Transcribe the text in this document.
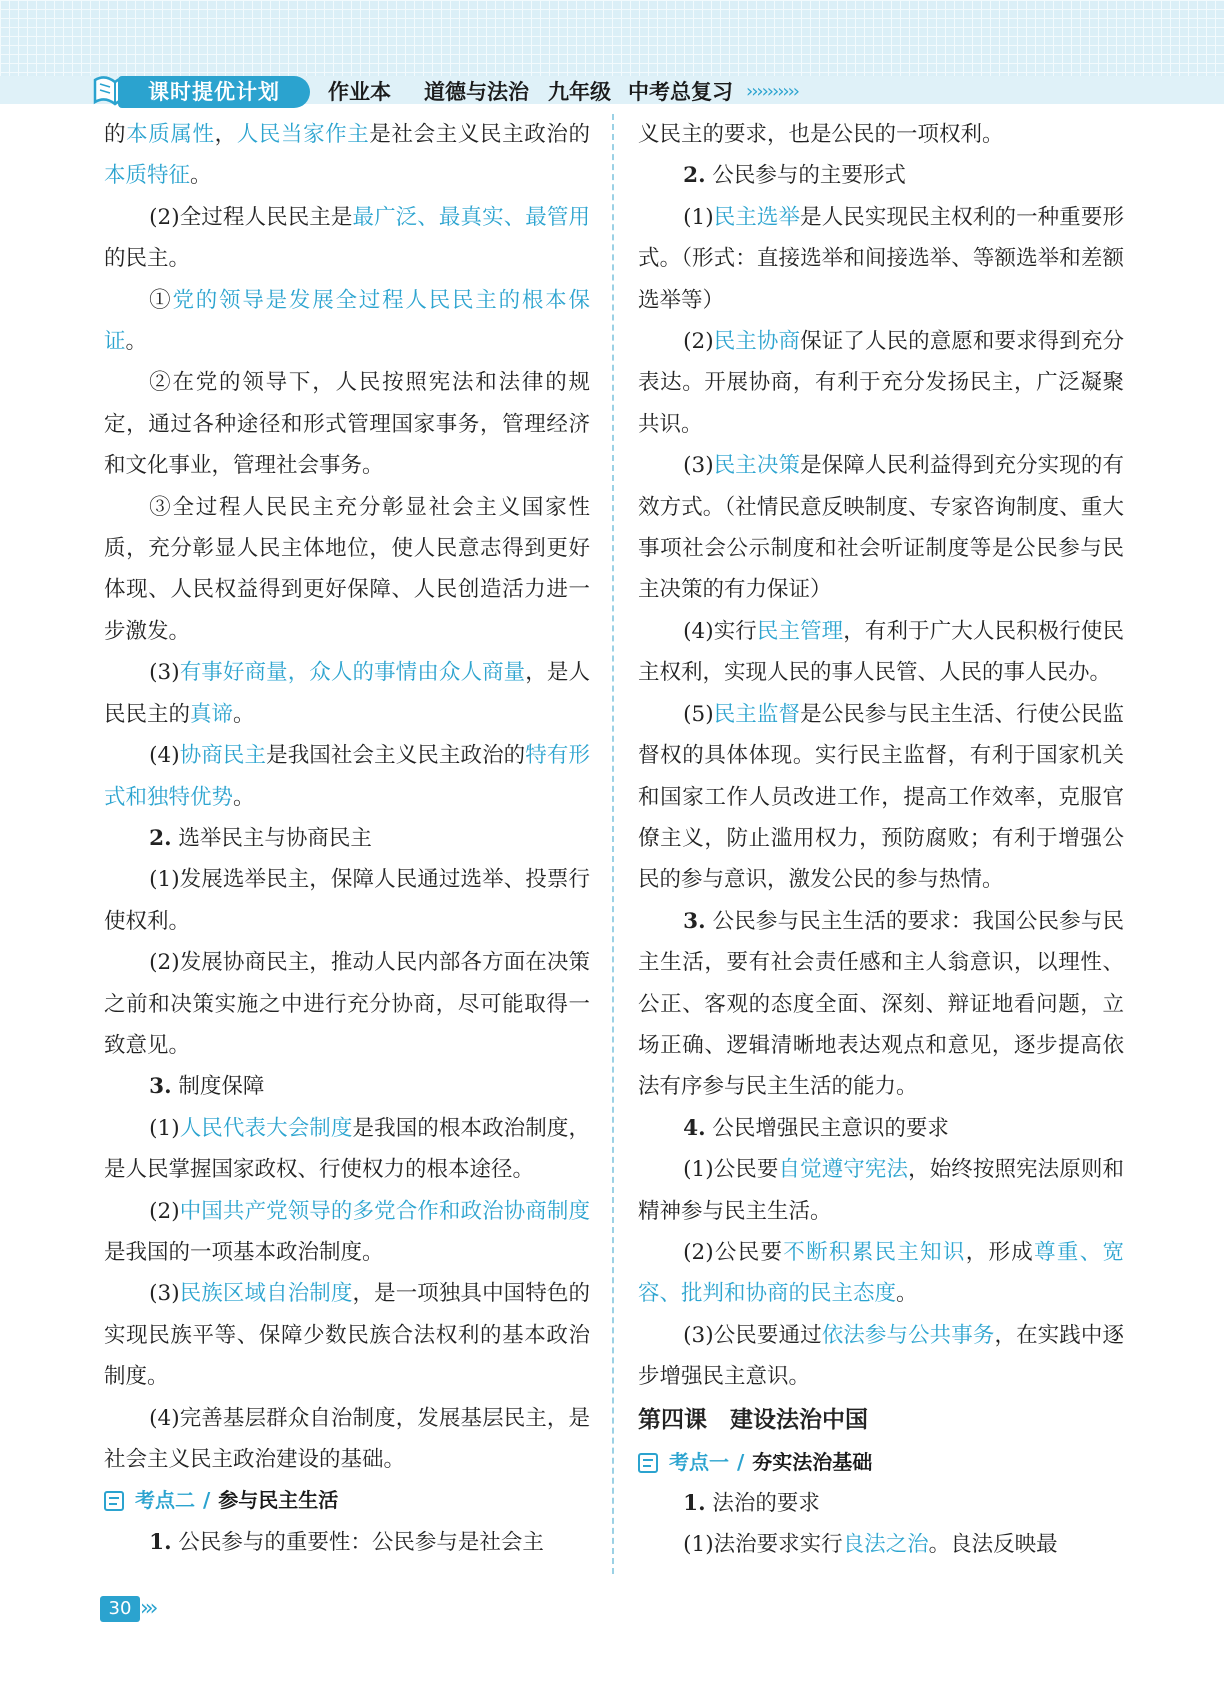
课时提优计划	作业本 道德与法治 九年级 中考总复习 ››››››››››

的本质属性，人民当家作主是社会主义民主政治的本质特征。

(2)全过程人民民主是最广泛、最真实、最管用的民主。

①党的领导是发展全过程人民民主的根本保证。

②在党的领导下，人民按照宪法和法律的规定，通过各种途径和形式管理国家事务，管理经济和文化事业，管理社会事务。

③全过程人民民主充分彰显社会主义国家性质，充分彰显人民主体地位，使人民意志得到更好体现、人民权益得到更好保障、人民创造活力进一步激发。

(3)有事好商量，众人的事情由众人商量，是人民民主的真谛。

(4)协商民主是我国社会主义民主政治的特有形式和独特优势。

2. 选举民主与协商民主

(1)发展选举民主，保障人民通过选举、投票行使权利。

(2)发展协商民主，推动人民内部各方面在决策之前和决策实施之中进行充分协商，尽可能取得一致意见。

3. 制度保障

(1)人民代表大会制度是我国的根本政治制度，是人民掌握国家政权、行使权力的根本途径。

(2)中国共产党领导的多党合作和政治协商制度是我国的一项基本政治制度。

(3)民族区域自治制度，是一项独具中国特色的实现民族平等、保障少数民族合法权利的基本政治制度。

(4)完善基层群众自治制度，发展基层民主，是社会主义民主政治建设的基础。

考点二 / 参与民主生活

1. 公民参与的重要性：公民参与是社会主

义民主的要求，也是公民的一项权利。

2. 公民参与的主要形式

(1)民主选举是人民实现民主权利的一种重要形式。（形式：直接选举和间接选举、等额选举和差额选举等）

(2)民主协商保证了人民的意愿和要求得到充分表达。开展协商，有利于充分发扬民主，广泛凝聚共识。

(3)民主决策是保障人民利益得到充分实现的有效方式。（社情民意反映制度、专家咨询制度、重大事项社会公示制度和社会听证制度等是公民参与民主决策的有力保证）

(4)实行民主管理，有利于广大人民积极行使民主权利，实现人民的事人民管、人民的事人民办。

(5)民主监督是公民参与民主生活、行使公民监督权的具体体现。实行民主监督，有利于国家机关和国家工作人员改进工作，提高工作效率，克服官僚主义，防止滥用权力，预防腐败；有利于增强公民的参与意识，激发公民的参与热情。

3. 公民参与民主生活的要求：我国公民参与民主生活，要有社会责任感和主人翁意识，以理性、公正、客观的态度全面、深刻、辩证地看问题，立场正确、逻辑清晰地表达观点和意见，逐步提高依法有序参与民主生活的能力。

4. 公民增强民主意识的要求

(1)公民要自觉遵守宪法，始终按照宪法原则和精神参与民主生活。

(2)公民要不断积累民主知识，形成尊重、宽容、批判和协商的民主态度。

(3)公民要通过依法参与公共事务，在实践中逐步增强民主意识。

第四课　建设法治中国

考点一 / 夯实法治基础

1. 法治的要求

(1)法治要求实行良法之治。良法反映最

30 ›››
